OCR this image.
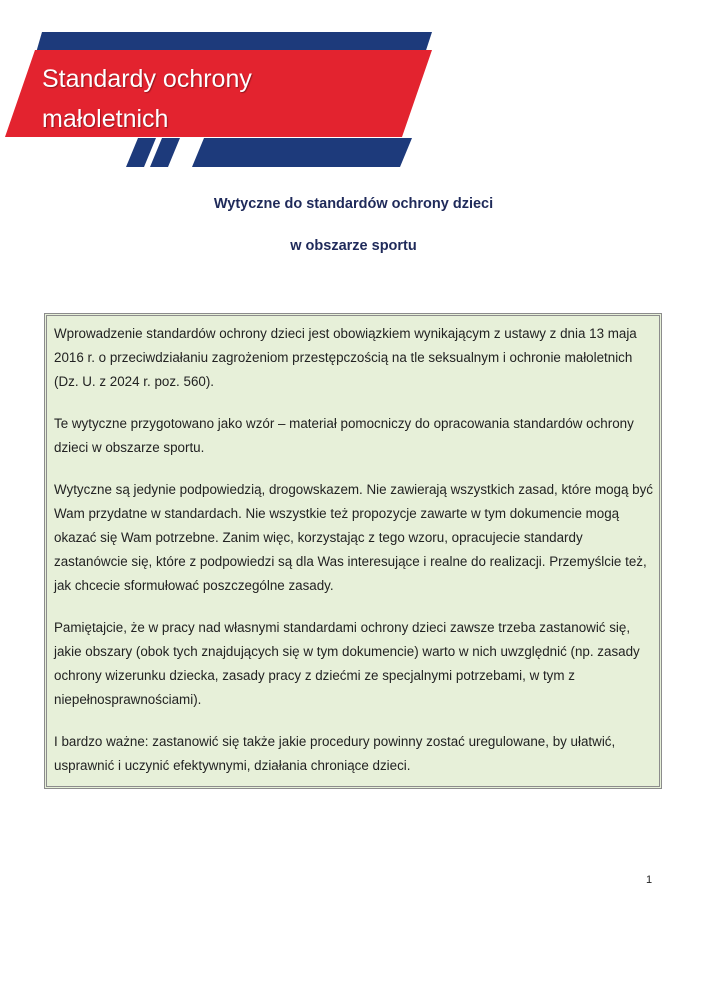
Standardy ochrony
małoletnich
Wytyczne do standardów ochrony dzieci
w obszarze sportu

Wprowadzenie standardów ochrony dzieci jest obowiązkiem wynikającym z ustawy z dnia 13 maja 2016 r. o przeciwdziałaniu zagrożeniom przestępczością na tle seksualnym i ochronie małoletnich (Dz. U. z 2024 r. poz. 560).

Te wytyczne przygotowano jako wzór – materiał pomocniczy do opracowania standardów ochrony dzieci w obszarze sportu.

Wytyczne są jedynie podpowiedzią, drogowskazem. Nie zawierają wszystkich zasad, które mogą być Wam przydatne w standardach. Nie wszystkie też propozycje zawarte w tym dokumencie mogą okazać się Wam potrzebne. Zanim więc, korzystając z tego wzoru, opracujecie standardy zastanówcie się, które z podpowiedzi są dla Was interesujące i realne do realizacji. Przemyślcie też, jak chcecie sformułować poszczególne zasady.

Pamiętajcie, że w pracy nad własnymi standardami ochrony dzieci zawsze trzeba zastanowić się, jakie obszary (obok tych znajdujących się w tym dokumencie) warto w nich uwzględnić (np. zasady ochrony wizerunku dziecka, zasady pracy z dziećmi ze specjalnymi potrzebami, w tym z niepełnosprawnościami).

I bardzo ważne: zastanowić się także jakie procedury powinny zostać uregulowane, by ułatwić, usprawnić i uczynić efektywnymi, działania chroniące dzieci.

1
